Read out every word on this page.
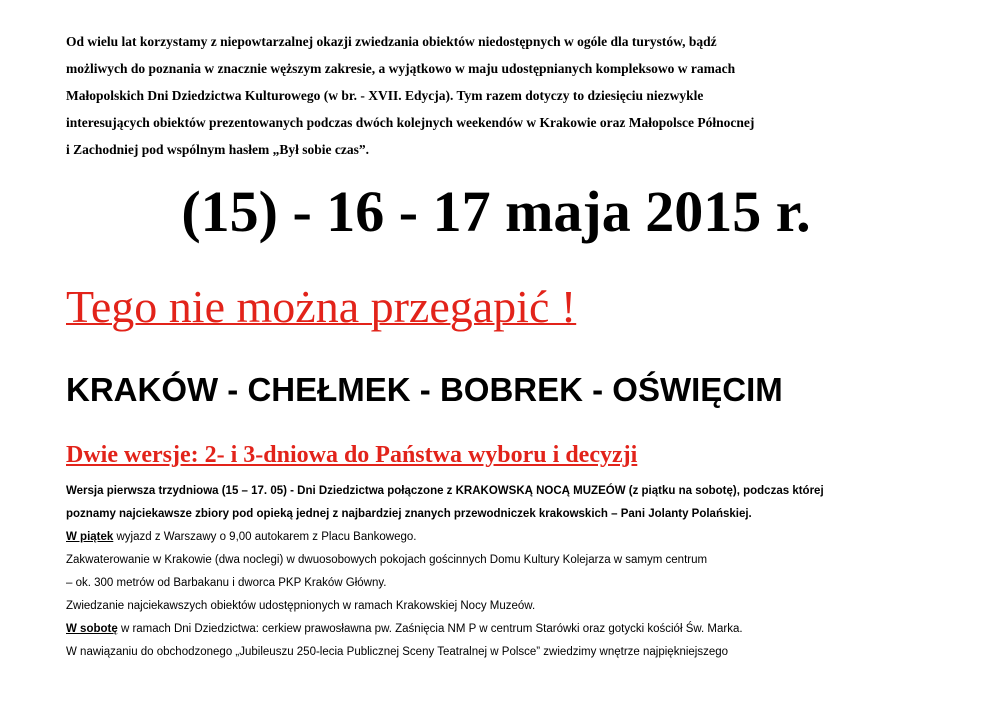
Od wielu lat korzystamy z niepowtarzalnej okazji zwiedzania obiektów niedostępnych w ogóle dla turystów, bądź
możliwych do poznania w znacznie węższym zakresie, a wyjątkowo w maju udostępnianych kompleksowo w ramach
Małopolskich Dni Dziedzictwa Kulturowego (w br. - XVII. Edycja). Tym razem dotyczy to dziesięciu niezwykle
interesujących obiektów prezentowanych podczas dwóch kolejnych weekendów w Krakowie oraz Małopolsce Północnej
i Zachodniej pod wspólnym hasłem „Był sobie czas”.
(15) - 16 - 17 maja 2015 r.
Tego nie można przegapić !
KRAKÓW - CHEŁMEK - BOBREK - OŚWIĘCIM
Dwie wersje: 2- i 3-dniowa do Państwa wyboru i decyzji
Wersja pierwsza trzydniowa (15 – 17. 05) - Dni Dziedzictwa połączone z KRAKOWSKĄ NOCĄ MUZEÓW (z piątku na sobotę), podczas której
poznamy najciekawsze zbiory pod opieką jednej z najbardziej znanych przewodniczek krakowskich – Pani Jolanty Polańskiej.
W piątek wyjazd z Warszawy o 9,00 autokarem z Placu Bankowego.
Zakwaterowanie w Krakowie (dwa noclegi) w dwuosobowych pokojach gościnnych Domu Kultury Kolejarza w samym centrum
– ok. 300 metrów od Barbakanu i dworca PKP Kraków Główny.
Zwiedzanie najciekawszych obiektów udostępnionych w ramach Krakowskiej Nocy Muzeów.
W sobotę w ramach Dni Dziedzictwa: cerkiew prawosławna pw. Zaśnięcia NM P w centrum Starówki oraz gotycki kościół Św. Marka.
W nawiązaniu do obchodzonego „Jubileuszu 250-lecia Publicznej Sceny Teatralnej w Polsce” zwiedzimy wnętrze najpiękniejszego
